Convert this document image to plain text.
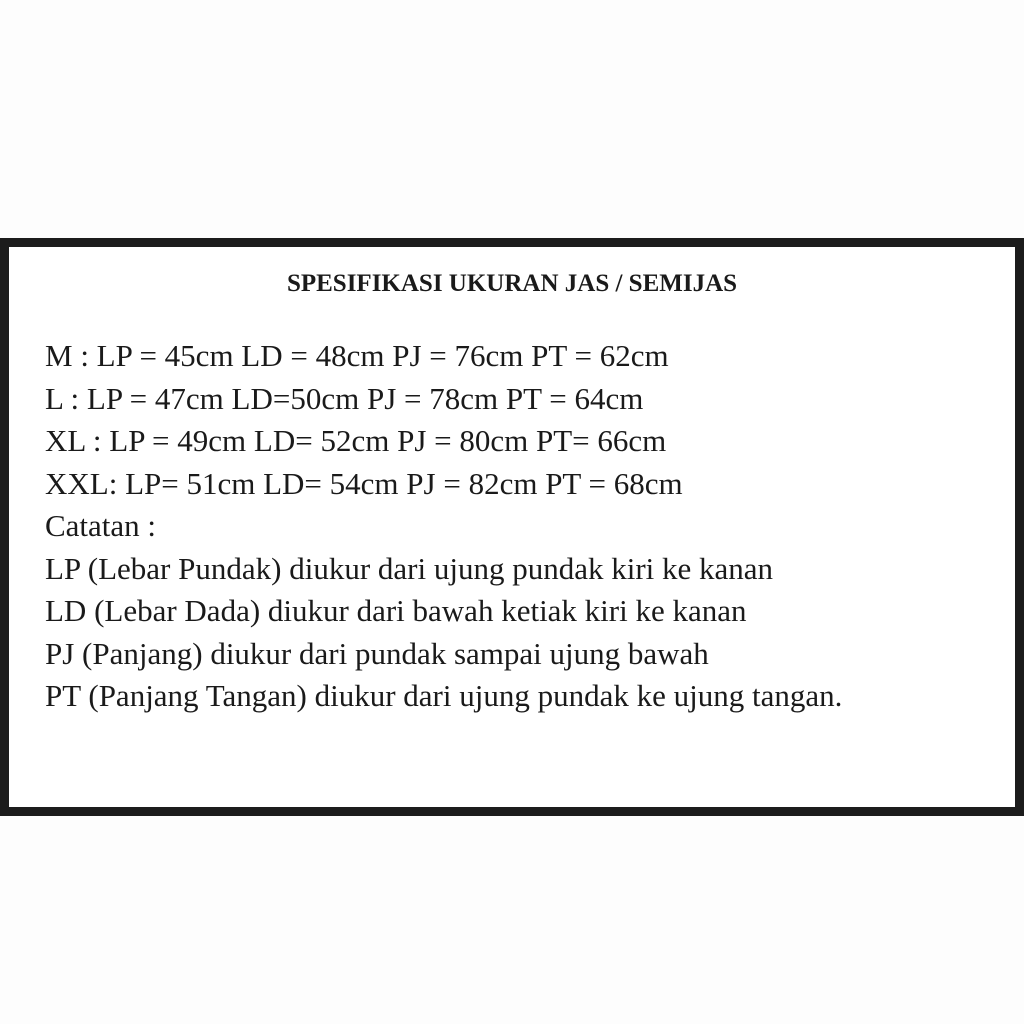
SPESIFIKASI UKURAN JAS / SEMIJAS
M : LP = 45cm LD = 48cm PJ = 76cm PT = 62cm
L : LP = 47cm LD=50cm PJ = 78cm PT = 64cm
XL : LP = 49cm LD= 52cm PJ = 80cm PT= 66cm
XXL: LP= 51cm LD= 54cm PJ = 82cm PT = 68cm
Catatan :
LP (Lebar Pundak) diukur dari ujung pundak kiri ke kanan
LD (Lebar Dada) diukur dari bawah ketiak kiri ke kanan
PJ (Panjang) diukur dari pundak sampai ujung bawah
PT (Panjang Tangan) diukur dari ujung pundak ke ujung tangan.
